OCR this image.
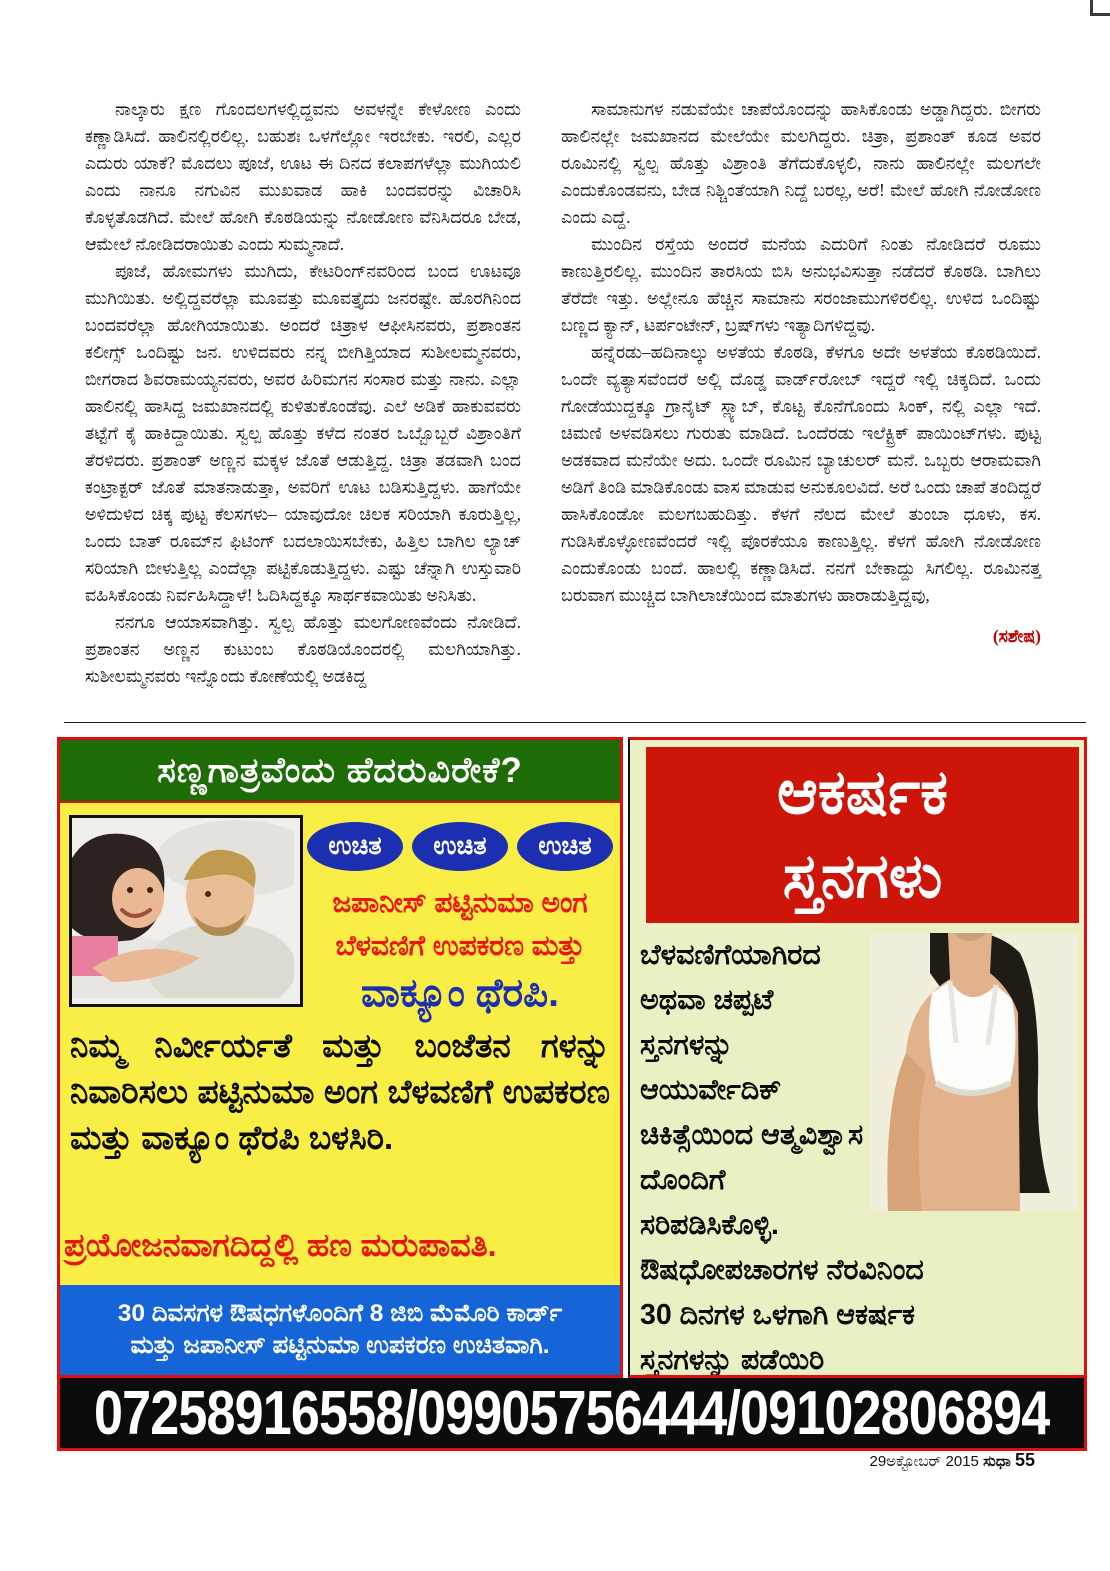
ನಾಲ್ಕಾರು ಕ್ಷಣ ಗೊಂದಲಗಳಲ್ಲಿದ್ದವನು ಅವಳನ್ನೇ ಕೇಳೋಣ ಎಂದು ಕಣ್ಣಾಡಿಸಿದೆ. ಹಾಲಿನಲ್ಲಿರಲಿಲ್ಲ. ಬಹುಶಃ ಒಳಗೆಲ್ಲೋ ಇರಬೇಕು. ಇರಲಿ, ಎಲ್ಲರ ಎದುರು ಯಾಕೆ? ಮೊದಲು ಪೂಜೆ, ಊಟ ಈ ದಿನದ ಕಲಾಪಗಳೆಲ್ಲಾ ಮುಗಿಯಲಿ ಎಂದು ನಾನೂ ನಗುವಿನ ಮುಖವಾಡ ಹಾಕಿ ಬಂದವರನ್ನು ವಿಚಾರಿಸಿ ಕೊಳ್ಳತೊಡಗಿದೆ. ಮೇಲೆ ಹೋಗಿ ಕೊಠಡಿಯನ್ನು ನೋಡೋಣ ವೆನಿಸಿದರೂ ಬೇಡ, ಆಮೇಲೆ ನೋಡಿದರಾಯಿತು ಎಂದು ಸುಮ್ಮನಾದೆ.

ಪೂಜೆ, ಹೋಮಗಳು ಮುಗಿದು, ಕೇಟರಿಂಗ್‌ನವರಿಂದ ಬಂದ ಊಟವೂ ಮುಗಿಯಿತು. ಅಲ್ಲಿದ್ದವರೆಲ್ಲಾ ಮೂವತ್ತು ಮೂವತ್ತೈದು ಜನರಷ್ಟೇ. ಹೊರಗಿನಿಂದ ಬಂದವರೆಲ್ಲಾ ಹೋಗಿಯಾಯಿತು. ಅಂದರೆ ಚಿತ್ರಾಳ ಆಫೀಸಿನವರು, ಪ್ರಶಾಂತನ ಕಲೀಗ್ಸ್ ಒಂದಿಷ್ಟು ಜನ. ಉಳಿದವರು ನನ್ನ ಬೀಗಿತ್ತಿಯಾದ ಸುಶೀಲಮ್ಮನವರು, ಬೀಗರಾದ ಶಿವರಾಮಯ್ಯನವರು, ಅವರ ಹಿರಿಮಗನ ಸಂಸಾರ ಮತ್ತು ನಾನು. ಎಲ್ಲಾ ಹಾಲಿನಲ್ಲಿ ಹಾಸಿದ್ದ ಜಮಖಾನದಲ್ಲಿ ಕುಳಿತುಕೊಂಡೆವು. ಎಲೆ ಅಡಿಕೆ ಹಾಕುವವರು ತಟ್ಟೆಗೆ ಕೈ ಹಾಕಿದ್ದಾಯಿತು. ಸ್ವಲ್ಪ ಹೊತ್ತು ಕಳೆದ ನಂತರ ಒಬ್ಬೊಬ್ಬರೆ ವಿಶ್ರಾಂತಿಗೆ ತೆರಳಿದರು. ಪ್ರಶಾಂತ್ ಅಣ್ಣನ ಮಕ್ಕಳ ಜೊತೆ ಆಡುತ್ತಿದ್ದ. ಚಿತ್ರಾ ತಡವಾಗಿ ಬಂದ ಕಂಟ್ರಾಕ್ಟರ್ ಜೊತೆ ಮಾತನಾಡುತ್ತಾ, ಅವರಿಗೆ ಊಟ ಬಡಿಸುತ್ತಿದ್ದಳು. ಹಾಗೆಯೇ ಅಳಿದುಳಿದ ಚಿಕ್ಕ ಪುಟ್ಟ ಕೆಲಸಗಳು– ಯಾವುದೋ ಚಿಲಕ ಸರಿಯಾಗಿ ಕೂರುತ್ತಿಲ್ಲ, ಒಂದು ಬಾತ್ ರೂಮ್‌ನ ಫಿಟಿಂಗ್ ಬದಲಾಯಿಸಬೇಕು, ಹಿತ್ತಿಲ ಬಾಗಿಲ ಲ್ಯಾಚ್ ಸರಿಯಾಗಿ ಬೀಳುತ್ತಿಲ್ಲ ಎಂದೆಲ್ಲಾ ಪಟ್ಟಿಕೊಡುತ್ತಿದ್ದಳು. ಎಷ್ಟು ಚೆನ್ನಾಗಿ ಉಸ್ತುವಾರಿ ವಹಿಸಿಕೊಂಡು ನಿರ್ವಹಿಸಿದ್ದಾಳೆ! ಓದಿಸಿದ್ದಕ್ಕೂ ಸಾರ್ಥಕವಾಯಿತು ಅನಿಸಿತು.

ನನಗೂ ಆಯಾಸವಾಗಿತ್ತು. ಸ್ವಲ್ಪ ಹೊತ್ತು ಮಲಗೋಣವೆಂದು ನೋಡಿದೆ. ಪ್ರಶಾಂತನ ಅಣ್ಣನ ಕುಟುಂಬ ಕೊಠಡಿಯೊಂದರಲ್ಲಿ ಮಲಗಿಯಾಗಿತ್ತು. ಸುಶೀಲಮ್ಮನವರು ಇನ್ನೊಂದು ಕೋಣೆಯಲ್ಲಿ ಅಡಕಿದ್ದ

ಸಾಮಾನುಗಳ ನಡುವೆಯೇ ಚಾಪೆಯೊಂದನ್ನು ಹಾಸಿಕೊಂಡು ಅಡ್ಡಾಗಿದ್ದರು. ಬೀಗರು ಹಾಲಿನಲ್ಲೇ ಜಮಖಾನದ ಮೇಲೆಯೇ ಮಲಗಿದ್ದರು. ಚಿತ್ರಾ, ಪ್ರಶಾಂತ್ ಕೂಡ ಅವರ ರೂಮಿನಲ್ಲಿ ಸ್ವಲ್ಪ ಹೊತ್ತು ವಿಶ್ರಾಂತಿ ತೆಗೆದುಕೊಳ್ಳಲಿ, ನಾನು ಹಾಲಿನಲ್ಲೇ ಮಲಗಲೇ ಎಂದುಕೊಂಡವನು, ಬೇಡ ನಿಶ್ಚಿಂತೆಯಾಗಿ ನಿದ್ದೆ ಬರಲ್ಲ, ಅರೆ! ಮೇಲೆ ಹೋಗಿ ನೋಡೋಣ ಎಂದು ಎದ್ದೆ.

ಮುಂದಿನ ರಸ್ತೆಯ ಅಂದರೆ ಮನೆಯ ಎದುರಿಗೆ ನಿಂತು ನೋಡಿದರೆ ರೂಮು ಕಾಣುತ್ತಿರಲಿಲ್ಲ. ಮುಂದಿನ ತಾರಸಿಯ ಬಿಸಿ ಅನುಭವಿಸುತ್ತಾ ನಡೆದರೆ ಕೊಠಡಿ. ಬಾಗಿಲು ತೆರೆದೇ ಇತ್ತು. ಅಲ್ಲೇನೂ ಹೆಚ್ಚಿನ ಸಾಮಾನು ಸರಂಜಾಮುಗಳಿರಲಿಲ್ಲ. ಉಳಿದ ಒಂದಿಷ್ಟು ಬಣ್ಣದ ಕ್ಯಾನ್, ಟರ್ಪಂಟೇನ್, ಬ್ರಷ್‌ಗಳು ಇತ್ಯಾದಿಗಳಿದ್ದವು.

ಹನ್ನೆರಡು–ಹದಿನಾಲ್ಕು ಅಳತೆಯ ಕೊಠಡಿ, ಕೆಳಗೂ ಅದೇ ಅಳತೆಯ ಕೊಠಡಿಯಿದೆ. ಒಂದೇ ವ್ಯತ್ಯಾಸವೆಂದರೆ ಅಲ್ಲಿ ದೊಡ್ಡ ವಾರ್ಡ್‌ರೋಬ್ ಇದ್ದರೆ ಇಲ್ಲಿ ಚಿಕ್ಕದಿದೆ. ಒಂದು ಗೋಡೆಯುದ್ದಕ್ಕೂ ಗ್ರಾನೈಟ್ ಸ್ಲ್ಯಾಬ್, ಕೊಟ್ಟ ಕೊನೆಗೊಂದು ಸಿಂಕ್, ನಲ್ಲಿ ಎಲ್ಲಾ ಇದೆ. ಚಿಮಣಿ ಅಳವಡಿಸಲು ಗುರುತು ಮಾಡಿದೆ. ಒಂದೆರಡು ಇಲೆಕ್ಟ್ರಿಕ್ ಪಾಯಿಂಟ್‌ಗಳು. ಪುಟ್ಟ ಅಡಕವಾದ ಮನೆಯೇ ಅದು. ಒಂದೇ ರೂಮಿನ ಬ್ಯಾಚುಲರ್ ಮನೆ. ಒಬ್ಬರು ಆರಾಮವಾಗಿ ಅಡಿಗೆ ತಿಂಡಿ ಮಾಡಿಕೊಂಡು ವಾಸ ಮಾಡುವ ಅನುಕೂಲವಿದೆ. ಅರೆ ಒಂದು ಚಾಪೆ ತಂದಿದ್ದರೆ ಹಾಸಿಕೊಂಡೋ ಮಲಗಬಹುದಿತ್ತು. ಕೆಳಗೆ ನೆಲದ ಮೇಲೆ ತುಂಬಾ ಧೂಳು, ಕಸ. ಗುಡಿಸಿಕೊಳ್ಳೋಣವೆಂದರೆ ಇಲ್ಲಿ ಪೊರಕೆಯೂ ಕಾಣುತ್ತಿಲ್ಲ. ಕೆಳಗೆ ಹೋಗಿ ನೋಡೋಣ ಎಂದುಕೊಂಡು ಬಂದೆ. ಹಾಲಲ್ಲಿ ಕಣ್ಣಾಡಿಸಿದೆ. ನನಗೆ ಬೇಕಾದ್ದು ಸಿಗಲಿಲ್ಲ. ರೂಮಿನತ್ತ ಬರುವಾಗ ಮುಚ್ಚಿದ ಬಾಗಿಲಾಚೆಯಿಂದ ಮಾತುಗಳು ಹಾರಾಡುತ್ತಿದ್ದವು,

(ಸಶೇಷ)

ಸಣ್ಣಗಾತ್ರವೆಂದು ಹೆದರುವಿರೇಕೆ?
ಉಚಿತ	ಉಚಿತ	ಉಚಿತ
ಜಪಾನೀಸ್ ಪಟ್ಟಿನುಮಾ ಅಂಗ
ಬೆಳವಣಿಗೆ ಉಪಕರಣ ಮತ್ತು
ವಾಕ್ಯೂಂ ಥೆರಪಿ.
ನಿಮ್ಮ ನಿರ್ವೀರ್ಯತೆ ಮತ್ತು ಬಂಜೆತನ ಗಳನ್ನು ನಿವಾರಿಸಲು ಪಟ್ಟಿನುಮಾ ಅಂಗ ಬೆಳವಣಿಗೆ ಉಪಕರಣ ಮತ್ತು ವಾಕ್ಯೂಂ ಥೆರಪಿ ಬಳಸಿರಿ.
ಪ್ರಯೋಜನವಾಗದಿದ್ದಲ್ಲಿ ಹಣ ಮರುಪಾವತಿ.
30 ದಿವಸಗಳ ಔಷಧಗಳೊಂದಿಗೆ 8 ಜಿಬಿ ಮೆಮೊರಿ ಕಾರ್ಡ್
ಮತ್ತು ಜಪಾನೀಸ್ ಪಟ್ಟಿನುಮಾ ಉಪಕರಣ ಉಚಿತವಾಗಿ.
ಆಕರ್ಷಕ
ಸ್ತನಗಳು
ಬೆಳವಣಿಗೆಯಾಗಿರದ
ಅಥವಾ ಚಪ್ಪಟೆ
ಸ್ತನಗಳನ್ನು
ಆಯುರ್ವೇದಿಕ್
ಚಿಕಿತ್ಸೆಯಿಂದ ಆತ್ಮವಿಶ್ವಾಸ
ದೊಂದಿಗೆ ಸರಿಪಡಿಸಿಕೊಳ್ಳಿ.
ಔಷಧೋಪಚಾರಗಳ ನೆರವಿನಿಂದ
30 ದಿನಗಳ ಒಳಗಾಗಿ ಆಕರ್ಷಕ
ಸ್ತನಗಳನ್ನು ಪಡೆಯಿರಿ
07258916558/09905756444/09102806894
29ಅಕ್ಟೋಬರ್ 2015 ಸುಧಾ 55
